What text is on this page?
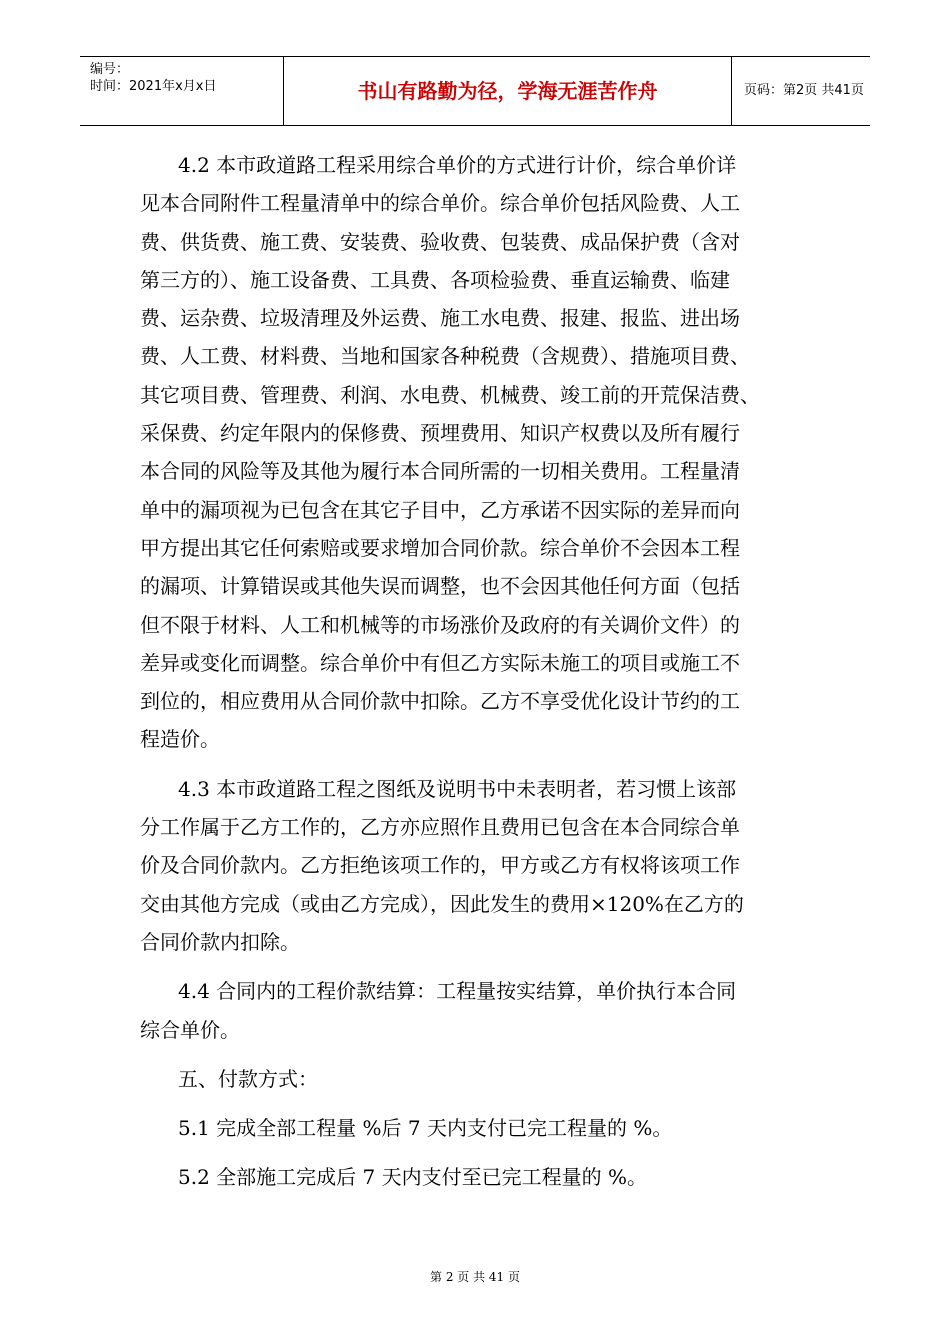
编号：
时间：2021年x月x日	书山有路勤为径，学海无涯苦作舟	页码：第2页 共41页
4.2 本市政道路工程采用综合单价的方式进行计价，综合单价详
见本合同附件工程量清单中的综合单价。综合单价包括风险费、人工
费、供货费、施工费、安装费、验收费、包装费、成品保护费（含对
第三方的）、施工设备费、工具费、各项检验费、垂直运输费、临建
费、运杂费、垃圾清理及外运费、施工水电费、报建、报监、进出场
费、人工费、材料费、当地和国家各种税费（含规费）、措施项目费、
其它项目费、管理费、利润、水电费、机械费、竣工前的开荒保洁费、
采保费、约定年限内的保修费、预埋费用、知识产权费以及所有履行
本合同的风险等及其他为履行本合同所需的一切相关费用。工程量清
单中的漏项视为已包含在其它子目中，乙方承诺不因实际的差异而向
甲方提出其它任何索赔或要求增加合同价款。综合单价不会因本工程
的漏项、计算错误或其他失误而调整，也不会因其他任何方面（包括
但不限于材料、人工和机械等的市场涨价及政府的有关调价文件）的
差异或变化而调整。综合单价中有但乙方实际未施工的项目或施工不
到位的，相应费用从合同价款中扣除。乙方不享受优化设计节约的工
程造价。
4.3 本市政道路工程之图纸及说明书中未表明者，若习惯上该部
分工作属于乙方工作的，乙方亦应照作且费用已包含在本合同综合单
价及合同价款内。乙方拒绝该项工作的，甲方或乙方有权将该项工作
交由其他方完成（或由乙方完成），因此发生的费用×120%在乙方的
合同价款内扣除。
4.4 合同内的工程价款结算：工程量按实结算，单价执行本合同
综合单价。
五、付款方式：
5.1 完成全部工程量 %后 7 天内支付已完工程量的 %。
5.2 全部施工完成后 7 天内支付至已完工程量的 %。
第 2 页 共 41 页
